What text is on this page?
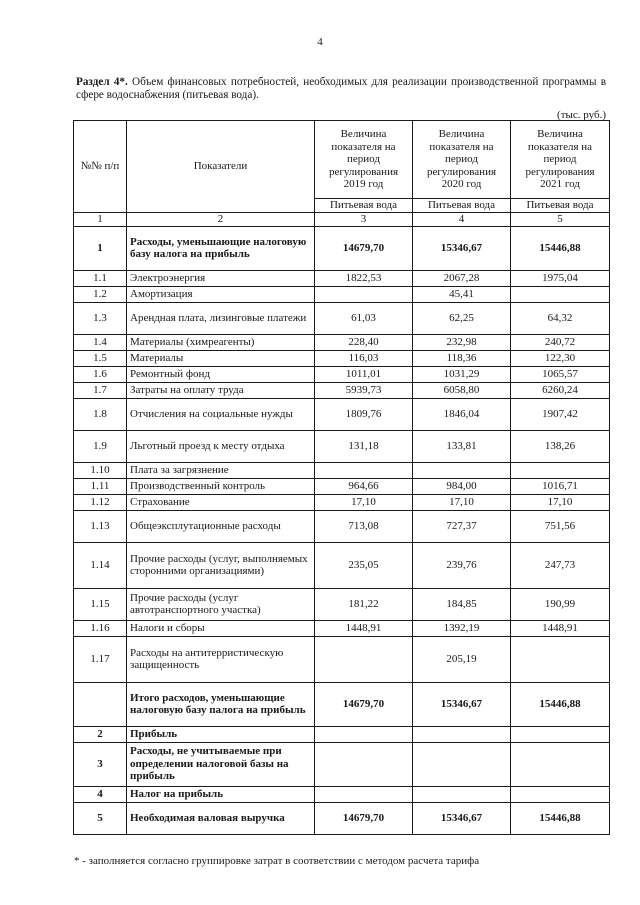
4
Раздел 4*. Объем финансовых потребностей, необходимых для реализации производственной программы в сфере водоснабжения (питьевая вода).
(тыс. руб.)
№№ п/п	Показатели	Величина показателя на период регулирования 2019 год	Величина показателя на период регулирования 2020 год	Величина показателя на период регулирования 2021 год
		Питьевая вода	Питьевая вода	Питьевая вода
1	2	3	4	5
1	Расходы, уменьшающие налоговую базу налога на прибыль	14679,70	15346,67	15446,88
1.1	Электроэнергия	1822,53	2067,28	1975,04
1.2	Амортизация		45,41	
1.3	Арендная плата, лизинговые платежи	61,03	62,25	64,32
1.4	Материалы (химреагенты)	228,40	232,98	240,72
1.5	Материалы	116,03	118,36	122,30
1.6	Ремонтный фонд	1011,01	1031,29	1065,57
1.7	Затраты на оплату труда	5939,73	6058,80	6260,24
1.8	Отчисления на социальные нужды	1809,76	1846,04	1907,42
1.9	Льготный проезд к месту отдыха	131,18	133,81	138,26
1.10	Плата за загрязнение			
1.11	Производственный контроль	964,66	984,00	1016,71
1.12	Страхование	17,10	17,10	17,10
1.13	Общеэксплутационные расходы	713,08	727,37	751,56
1.14	Прочие расходы (услуг, выполняемых сторонними организациями)	235,05	239,76	247,73
1.15	Прочие расходы (услуг автотранспортного участка)	181,22	184,85	190,99
1.16	Налоги и сборы	1448,91	1392,19	1448,91
1.17	Расходы на антитерристическую защищенность		205,19	
	Итого расходов, уменьшающие налоговую базу палога на прибыль	14679,70	15346,67	15446,88
2	Прибыль			
3	Расходы, не учитываемые при определении налоговой базы на прибыль			
4	Налог на прибыль			
5	Необходимая валовая выручка	14679,70	15346,67	15446,88
* - заполняется согласно группировке затрат в соответствии с методом расчета тарифа
